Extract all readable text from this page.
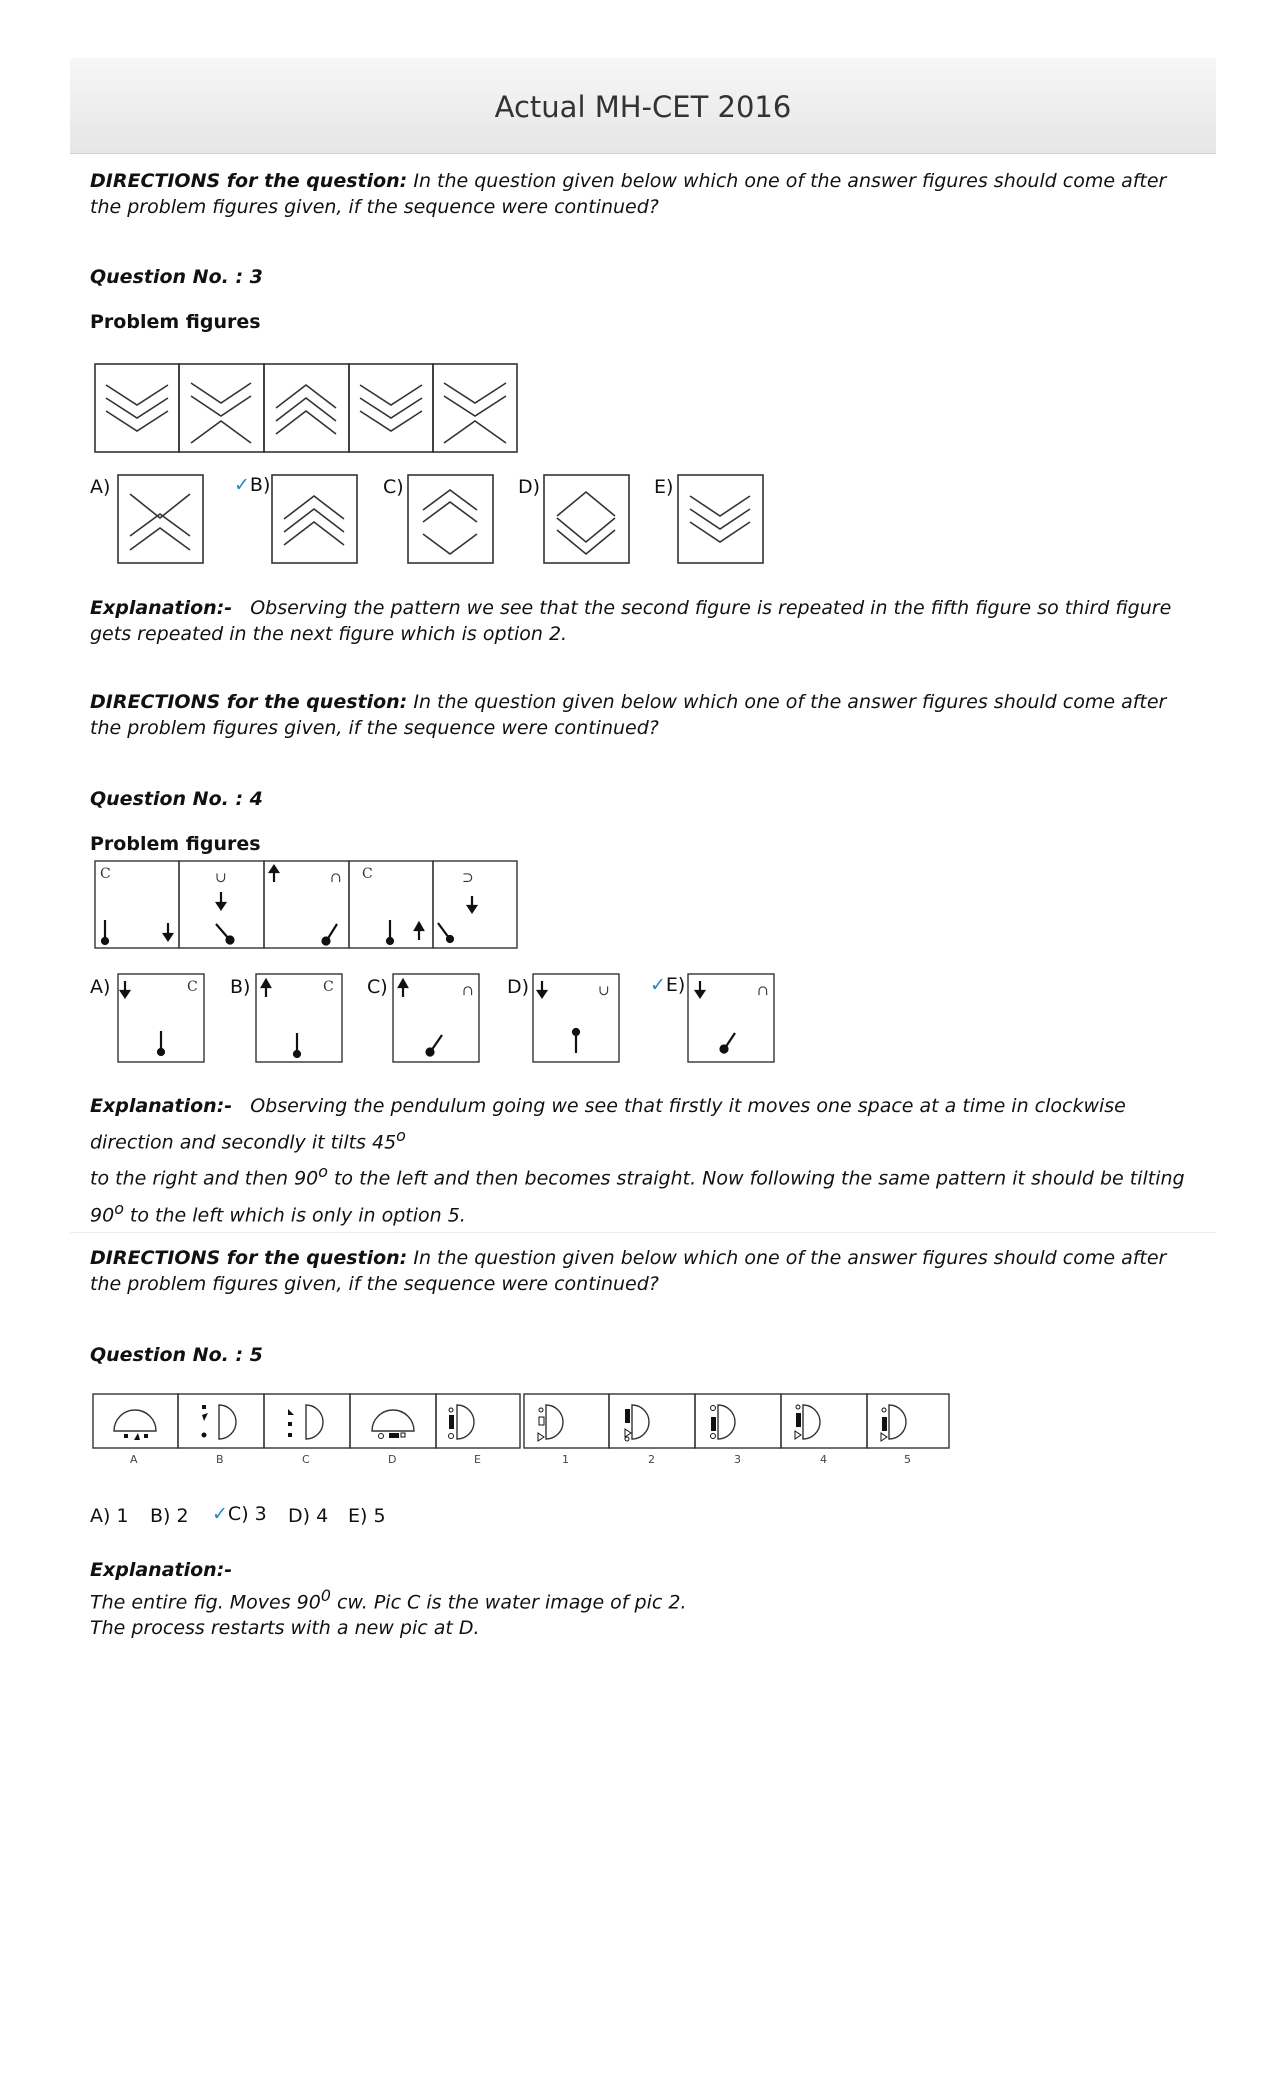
Actual MH-CET 2016
DIRECTIONS for the question: In the question given below which one of the answer figures should come after the problem figures given, if the sequence were continued?
Question No. : 3
Problem figures
A)	✓B)	C)	D)	E)
Explanation:- Observing the pattern we see that the second figure is repeated in the fifth figure so third figure gets repeated in the next figure which is option 2.
DIRECTIONS for the question: In the question given below which one of the answer figures should come after the problem figures given, if the sequence were continued?
Question No. : 4
Problem figures
C	C
∪	∩	⊃
A)	B)	C)	D)	✓E)
C	C	∩	∪	∩
Explanation:- Observing the pendulum going we see that firstly it moves one space at a time in clockwise direction and secondly it tilts 45$^o$
to the right and then 90$^o$ to the left and then becomes straight. Now following the same pattern it should be tilting 90$^o$ to the left which is only in option 5.
DIRECTIONS for the question: In the question given below which one of the answer figures should come after the problem figures given, if the sequence were continued?
Question No. : 5
A	B	C	D	E	1	2	3	4	5
A) 1 B) 2 ✓C) 3 D) 4 E) 5
Explanation:-
The entire fig. Moves $90^0$ cw. Pic C is the water image of pic 2.
The process restarts with a new pic at D.
